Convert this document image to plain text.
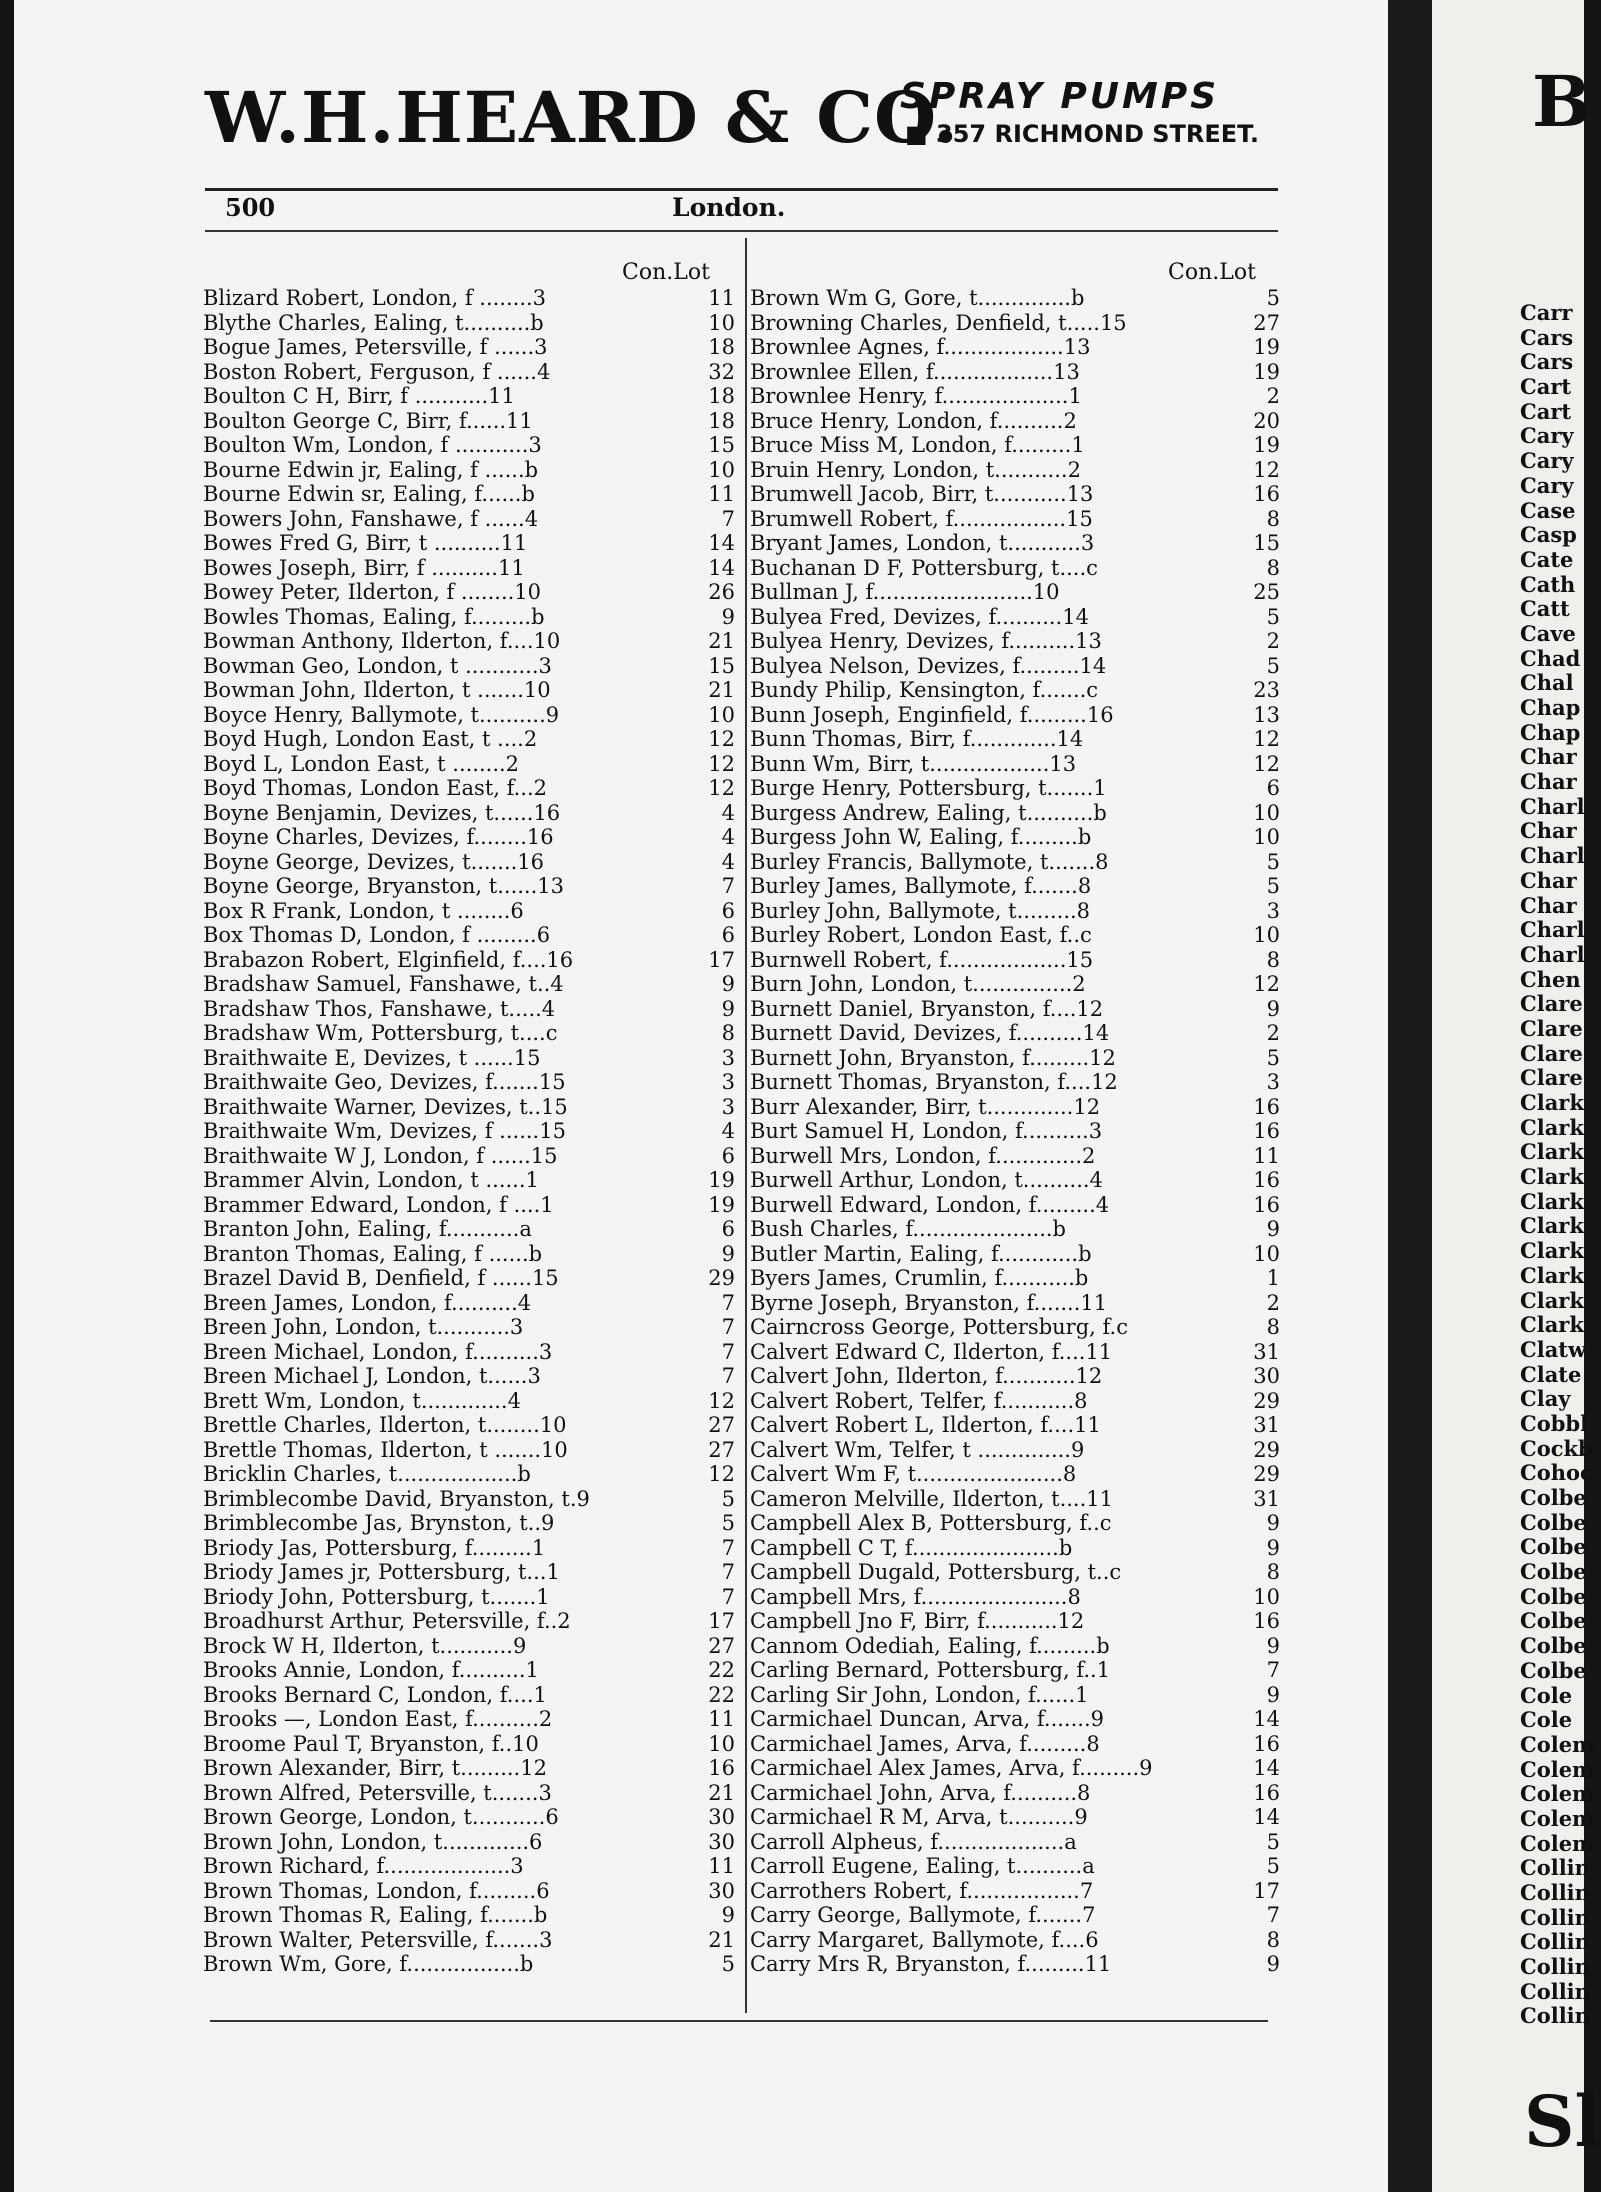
B
Carr
Cars
Cars
Cart
Cart
Cary
Cary
Cary
Case
Casp
Cate
Cath
Catt
Cave
Chad
Chal
Chap
Chap
Char
Char
Charl
Char
Charl
Char
Char
Charl
Charl
Chen
Clare
Clare
Clare
Clare
Clark
Clark
Clark
Clark
Clark
Clark
Clark
Clark
Clark
Clark
Clatw
Clate
Clay
Cobbl
Cockb
Cohoc
Colbe
Colbe
Colbe
Colbe
Colbe
Colbe
Colbe
Colbe
Cole
Cole
Colem
Colem
Colem
Colem
Colem
Collin
Collin
Collin
Collin
Collin
Collin
Collin
Sl
W.H.HEARD & CO.
SPRAY PUMPS
■ 357 RICHMOND STREET.
500	London.
Con.Lot	Con.Lot
Blizard Robert, London, f ........3	11
Blythe Charles, Ealing, t..........b	10
Bogue James, Petersville, f ......3	18
Boston Robert, Ferguson, f ......4	32
Boulton C H, Birr, f ...........11	18
Boulton George C, Birr, f......11	18
Boulton Wm, London, f ...........3	15
Bourne Edwin jr, Ealing, f ......b	10
Bourne Edwin sr, Ealing, f......b	11
Bowers John, Fanshawe, f ......4	7
Bowes Fred G, Birr, t ..........11	14
Bowes Joseph, Birr, f ..........11	14
Bowey Peter, Ilderton, f ........10	26
Bowles Thomas, Ealing, f.........b	9
Bowman Anthony, Ilderton, f....10	21
Bowman Geo, London, t ...........3	15
Bowman John, Ilderton, t .......10	21
Boyce Henry, Ballymote, t..........9	10
Boyd Hugh, London East, t ....2	12
Boyd L, London East, t ........2	12
Boyd Thomas, London East, f...2	12
Boyne Benjamin, Devizes, t......16	4
Boyne Charles, Devizes, f........16	4
Boyne George, Devizes, t.......16	4
Boyne George, Bryanston, t......13	7
Box R Frank, London, t ........6	6
Box Thomas D, London, f .........6	6
Brabazon Robert, Elginfield, f....16	17
Bradshaw Samuel, Fanshawe, t..4	9
Bradshaw Thos, Fanshawe, t.....4	9
Bradshaw Wm, Pottersburg, t....c	8
Braithwaite E, Devizes, t ......15	3
Braithwaite Geo, Devizes, f.......15	3
Braithwaite Warner, Devizes, t..15	3
Braithwaite Wm, Devizes, f ......15	4
Braithwaite W J, London, f ......15	6
Brammer Alvin, London, t ......1	19
Brammer Edward, London, f ....1	19
Branton John, Ealing, f...........a	6
Branton Thomas, Ealing, f ......b	9
Brazel David B, Denfield, f ......15	29
Breen James, London, f..........4	7
Breen John, London, t...........3	7
Breen Michael, London, f..........3	7
Breen Michael J, London, t......3	7
Brett Wm, London, t.............4	12
Brettle Charles, Ilderton, t........10	27
Brettle Thomas, Ilderton, t .......10	27
Bricklin Charles, t..................b	12
Brimblecombe David, Bryanston, t.9	5
Brimblecombe Jas, Brynston, t..9	5
Briody Jas, Pottersburg, f.........1	7
Briody James jr, Pottersburg, t...1	7
Briody John, Pottersburg, t.......1	7
Broadhurst Arthur, Petersville, f..2	17
Brock W H, Ilderton, t...........9	27
Brooks Annie, London, f..........1	22
Brooks Bernard C, London, f....1	22
Brooks —, London East, f..........2	11
Broome Paul T, Bryanston, f..10	10
Brown Alexander, Birr, t.........12	16
Brown Alfred, Petersville, t.......3	21
Brown George, London, t...........6	30
Brown John, London, t.............6	30
Brown Richard, f...................3	11
Brown Thomas, London, f.........6	30
Brown Thomas R, Ealing, f.......b	9
Brown Walter, Petersville, f.......3	21
Brown Wm, Gore, f.................b	5
Brown Wm G, Gore, t..............b	5
Browning Charles, Denfield, t.....15	27
Brownlee Agnes, f..................13	19
Brownlee Ellen, f..................13	19
Brownlee Henry, f...................1	2
Bruce Henry, London, f..........2	20
Bruce Miss M, London, f.........1	19
Bruin Henry, London, t...........2	12
Brumwell Jacob, Birr, t...........13	16
Brumwell Robert, f.................15	8
Bryant James, London, t...........3	15
Buchanan D F, Pottersburg, t....c	8
Bullman J, f........................10	25
Bulyea Fred, Devizes, f..........14	5
Bulyea Henry, Devizes, f..........13	2
Bulyea Nelson, Devizes, f.........14	5
Bundy Philip, Kensington, f.......c	23
Bunn Joseph, Enginfield, f.........16	13
Bunn Thomas, Birr, f.............14	12
Bunn Wm, Birr, t..................13	12
Burge Henry, Pottersburg, t.......1	6
Burgess Andrew, Ealing, t..........b	10
Burgess John W, Ealing, f.........b	10
Burley Francis, Ballymote, t.......8	5
Burley James, Ballymote, f.......8	5
Burley John, Ballymote, t.........8	3
Burley Robert, London East, f..c	10
Burnwell Robert, f..................15	8
Burn John, London, t...............2	12
Burnett Daniel, Bryanston, f....12	9
Burnett David, Devizes, f..........14	2
Burnett John, Bryanston, f.........12	5
Burnett Thomas, Bryanston, f....12	3
Burr Alexander, Birr, t.............12	16
Burt Samuel H, London, f..........3	16
Burwell Mrs, London, f.............2	11
Burwell Arthur, London, t..........4	16
Burwell Edward, London, f.........4	16
Bush Charles, f.....................b	9
Butler Martin, Ealing, f............b	10
Byers James, Crumlin, f...........b	1
Byrne Joseph, Bryanston, f.......11	2
Cairncross George, Pottersburg, f.c	8
Calvert Edward C, Ilderton, f....11	31
Calvert John, Ilderton, f...........12	30
Calvert Robert, Telfer, f...........8	29
Calvert Robert L, Ilderton, f....11	31
Calvert Wm, Telfer, t ..............9	29
Calvert Wm F, t......................8	29
Cameron Melville, Ilderton, t....11	31
Campbell Alex B, Pottersburg, f..c	9
Campbell C T, f......................b	9
Campbell Dugald, Pottersburg, t..c	8
Campbell Mrs, f......................8	10
Campbell Jno F, Birr, f...........12	16
Cannom Odediah, Ealing, f.........b	9
Carling Bernard, Pottersburg, f..1	7
Carling Sir John, London, f......1	9
Carmichael Duncan, Arva, f.......9	14
Carmichael James, Arva, f.........8	16
Carmichael Alex James, Arva, f.........9	14
Carmichael John, Arva, f..........8	16
Carmichael R M, Arva, t..........9	14
Carroll Alpheus, f...................a	5
Carroll Eugene, Ealing, t..........a	5
Carrothers Robert, f.................7	17
Carry George, Ballymote, f.......7	7
Carry Margaret, Ballymote, f....6	8
Carry Mrs R, Bryanston, f.........11	9
